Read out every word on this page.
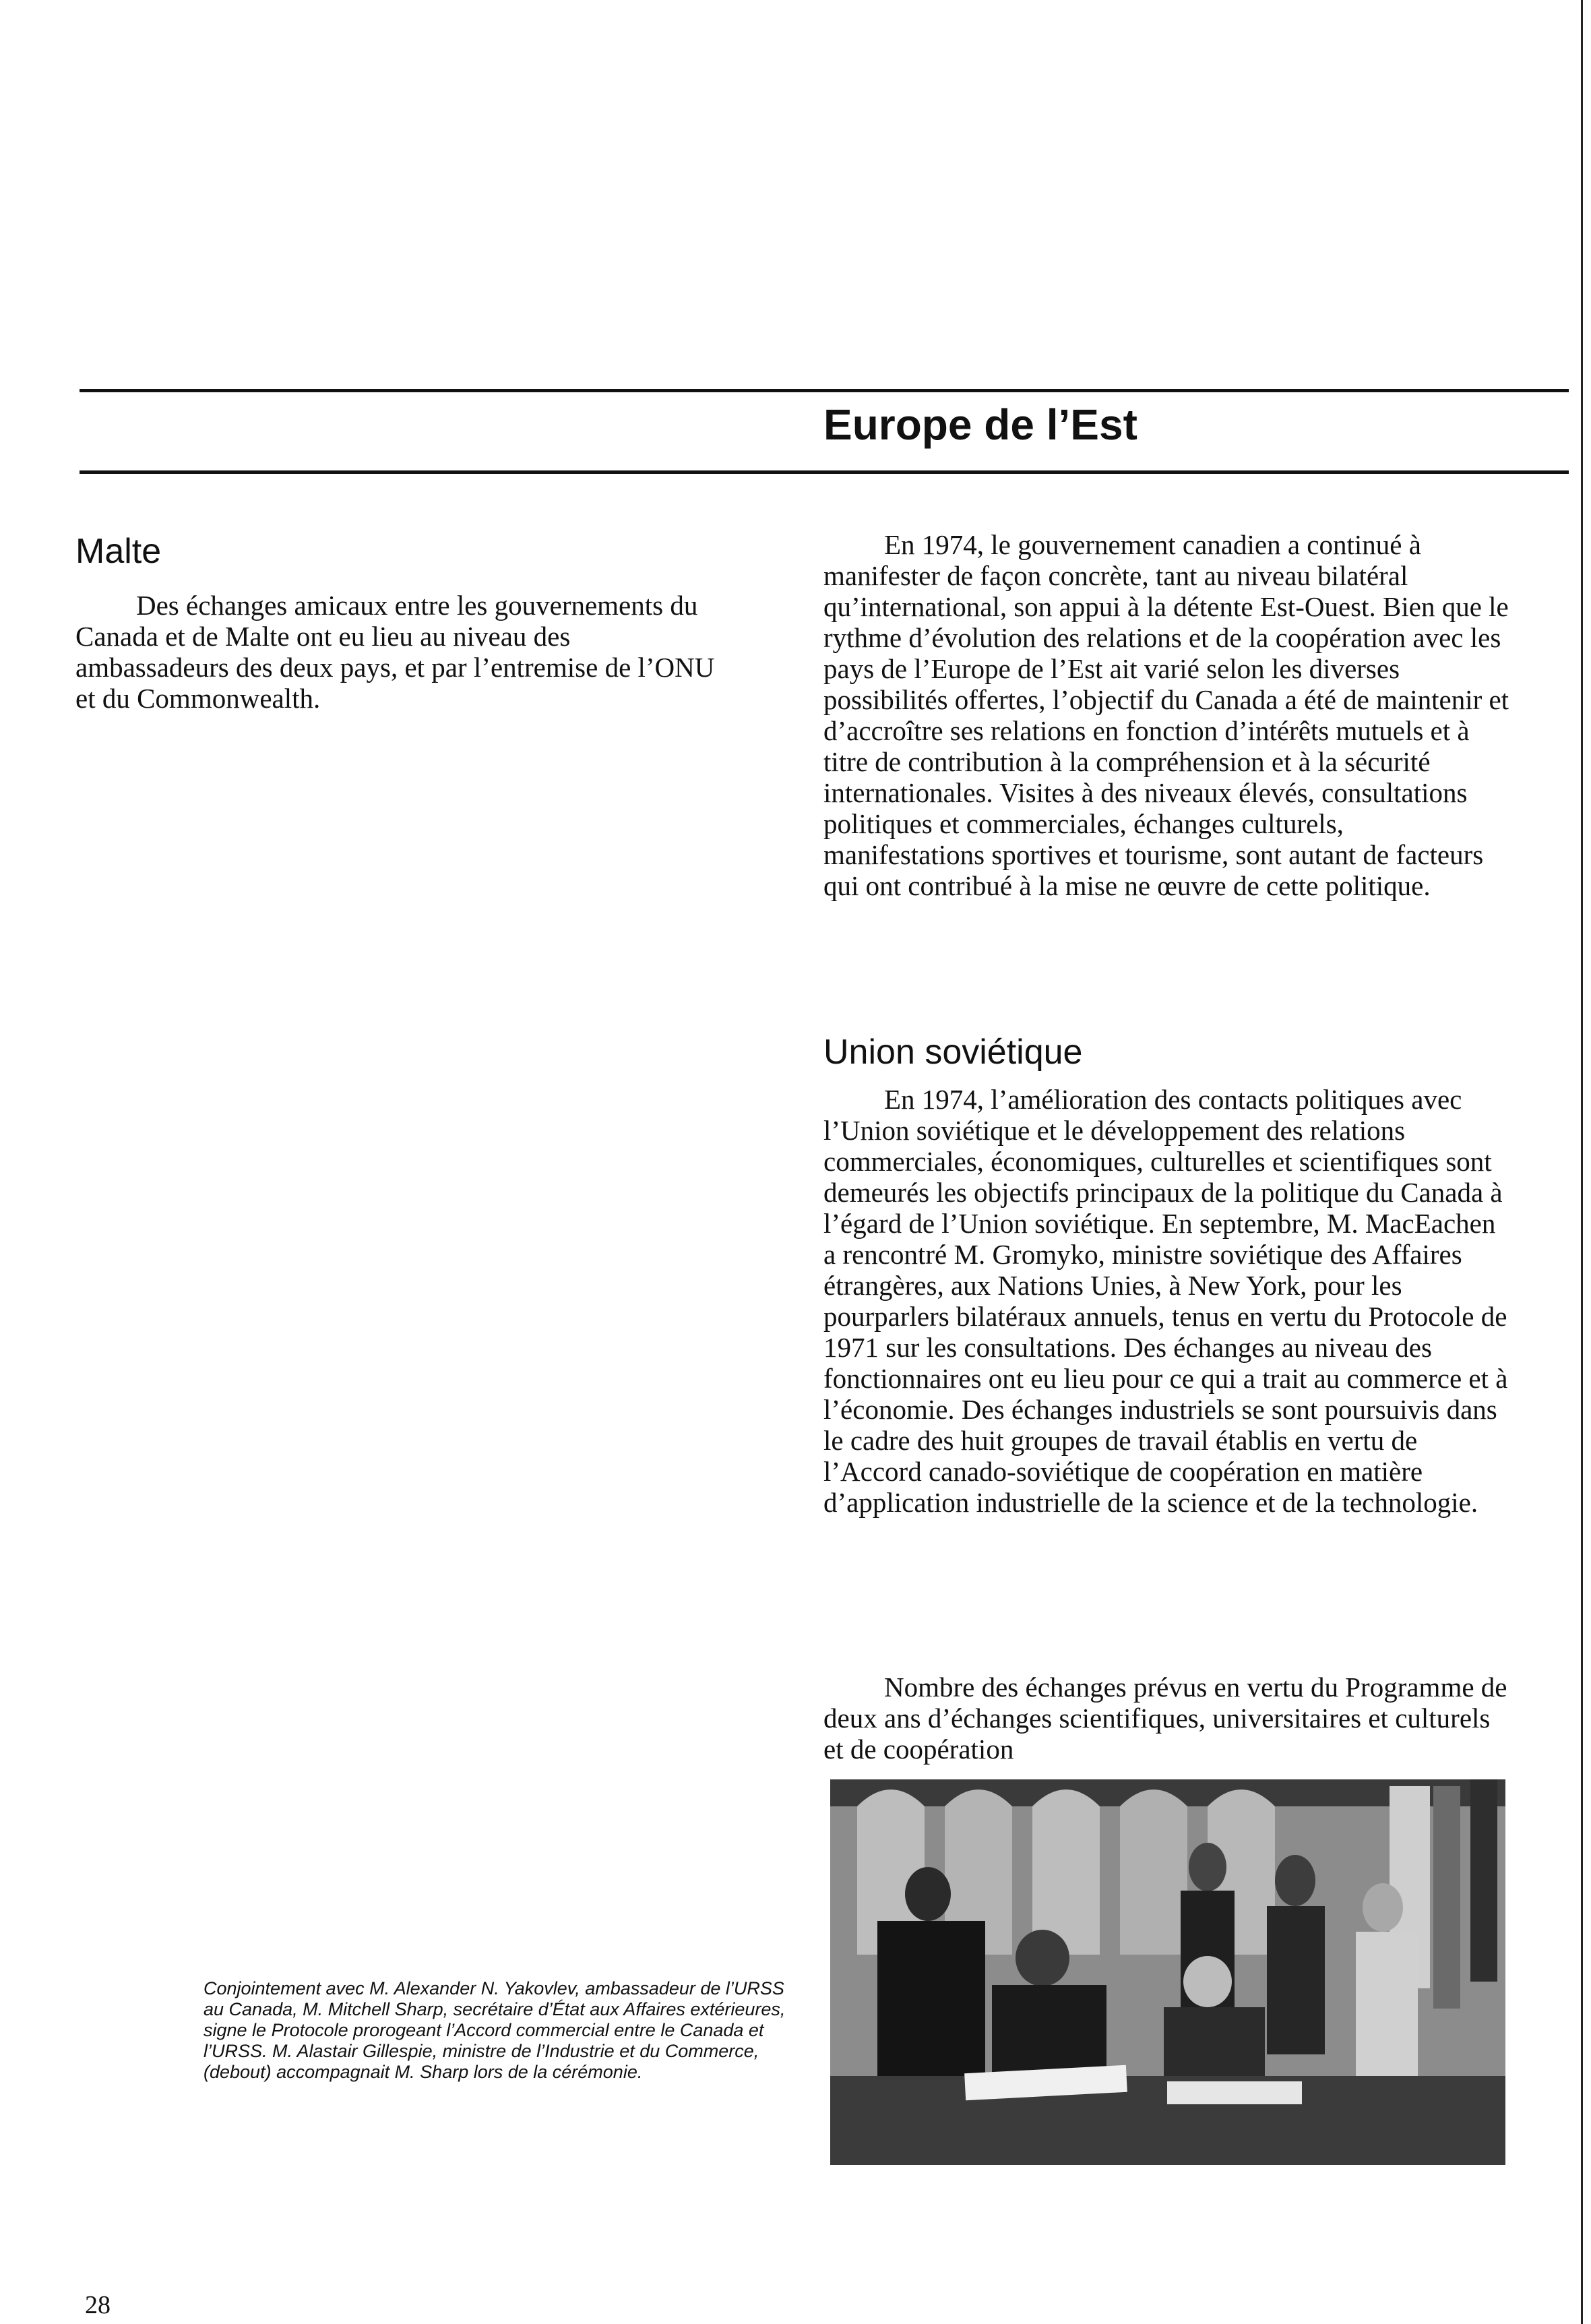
Europe de l’Est
Malte

Des échanges amicaux entre les gouvernements du Canada et de Malte ont eu lieu au niveau des ambassadeurs des deux pays, et par l’entremise de l’ONU et du Commonwealth.

En 1974, le gouvernement canadien a continué à manifester de façon concrète, tant au niveau bilatéral qu’international, son appui à la détente Est-Ouest. Bien que le rythme d’évolution des relations et de la coopération avec les pays de l’Europe de l’Est ait varié selon les diverses possibilités offertes, l’objectif du Canada a été de maintenir et d’accroître ses relations en fonction d’intérêts mutuels et à titre de contribution à la compréhension et à la sécurité internationales. Visites à des niveaux élevés, consultations politiques et commerciales, échanges culturels, manifestations sportives et tourisme, sont autant de facteurs qui ont contribué à la mise ne œuvre de cette politique.

Union soviétique

En 1974, l’amélioration des contacts politiques avec l’Union soviétique et le développement des relations commerciales, économiques, culturelles et scientifiques sont demeurés les objectifs principaux de la politique du Canada à l’égard de l’Union soviétique. En septembre, M. MacEachen a rencontré M. Gromyko, ministre soviétique des Affaires étrangères, aux Nations Unies, à New York, pour les pourparlers bilatéraux annuels, tenus en vertu du Protocole de 1971 sur les consultations. Des échanges au niveau des fonctionnaires ont eu lieu pour ce qui a trait au commerce et à l’économie. Des échanges industriels se sont poursuivis dans le cadre des huit groupes de travail établis en vertu de l’Accord canado-soviétique de coopération en matière d’application industrielle de la science et de la technologie.

Nombre des échanges prévus en vertu du Programme de deux ans d’échanges scientifiques, universitaires et culturels et de coopération

Conjointement avec M. Alexander N. Yakovlev, ambassadeur de l’URSS au Canada, M. Mitchell Sharp, secrétaire d’État aux Affaires extérieures, signe le Protocole prorogeant l’Accord commercial entre le Canada et l’URSS. M. Alastair Gillespie, ministre de l’Industrie et du Commerce, (debout) accompagnait M. Sharp lors de la cérémonie.

28
